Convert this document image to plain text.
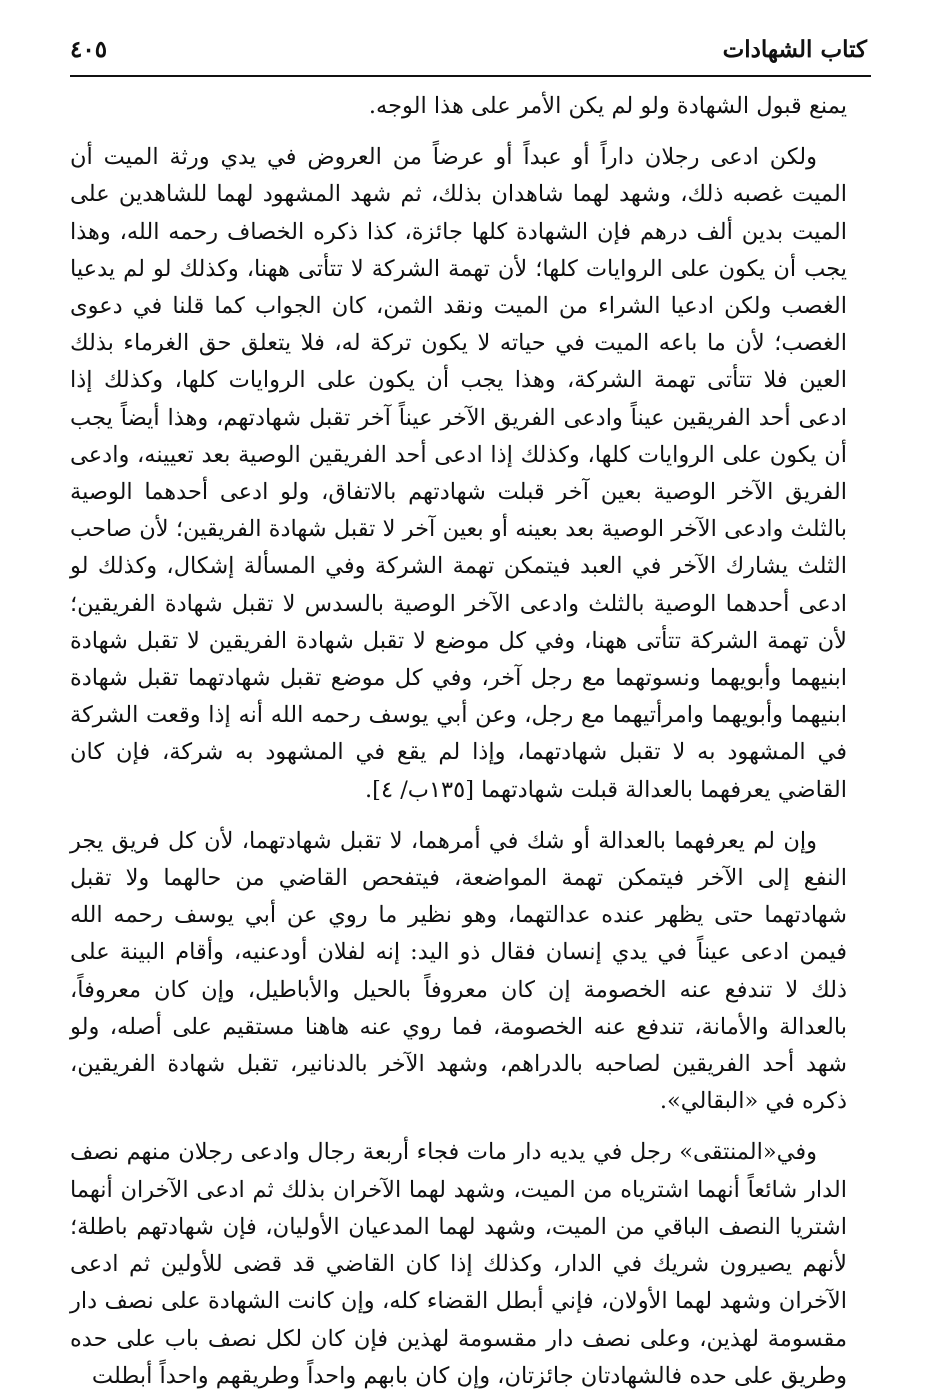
كتاب الشهادات
٤٠٥

يمنع قبول الشهادة ولو لم يكن الأمر على هذا الوجه.

ولكن ادعى رجلان داراً أو عبداً أو عرضاً من العروض في يدي ورثة الميت أن الميت غصبه ذلك، وشهد لهما شاهدان بذلك، ثم شهد المشهود لهما للشاهدين على الميت بدين ألف درهم فإن الشهادة كلها جائزة، كذا ذكره الخصاف رحمه الله، وهذا يجب أن يكون على الروايات كلها؛ لأن تهمة الشركة لا تتأتى ههنا، وكذلك لو لم يدعيا الغصب ولكن ادعيا الشراء من الميت ونقد الثمن، كان الجواب كما قلنا في دعوى الغصب؛ لأن ما باعه الميت في حياته لا يكون تركة له، فلا يتعلق حق الغرماء بذلك العين فلا تتأتى تهمة الشركة، وهذا يجب أن يكون على الروايات كلها، وكذلك إذا ادعى أحد الفريقين عيناً وادعى الفريق الآخر عيناً آخر تقبل شهادتهم، وهذا أيضاً يجب أن يكون على الروايات كلها، وكذلك إذا ادعى أحد الفريقين الوصية بعد تعيينه، وادعى الفريق الآخر الوصية بعين آخر قبلت شهادتهم بالاتفاق، ولو ادعى أحدهما الوصية بالثلث وادعى الآخر الوصية بعد بعينه أو بعين آخر لا تقبل شهادة الفريقين؛ لأن صاحب الثلث يشارك الآخر في العبد فيتمكن تهمة الشركة وفي المسألة إشكال، وكذلك لو ادعى أحدهما الوصية بالثلث وادعى الآخر الوصية بالسدس لا تقبل شهادة الفريقين؛ لأن تهمة الشركة تتأتى ههنا، وفي كل موضع لا تقبل شهادة الفريقين لا تقبل شهادة ابنيهما وأبويهما ونسوتهما مع رجل آخر، وفي كل موضع تقبل شهادتهما تقبل شهادة ابنيهما وأبويهما وامرأتيهما مع رجل، وعن أبي يوسف رحمه الله أنه إذا وقعت الشركة في المشهود به لا تقبل شهادتهما، وإذا لم يقع في المشهود به شركة، فإن كان القاضي يعرفهما بالعدالة قبلت شهادتهما [١٣٥ب/ ٤].

وإن لم يعرفهما بالعدالة أو شك في أمرهما، لا تقبل شهادتهما، لأن كل فريق يجر النفع إلى الآخر فيتمكن تهمة المواضعة، فيتفحص القاضي من حالهما ولا تقبل شهادتهما حتى يظهر عنده عدالتهما، وهو نظير ما روي عن أبي يوسف رحمه الله فيمن ادعى عيناً في يدي إنسان فقال ذو اليد: إنه لفلان أودعنيه، وأقام البينة على ذلك لا تندفع عنه الخصومة إن كان معروفاً بالحيل والأباطيل، وإن كان معروفاً، بالعدالة والأمانة، تندفع عنه الخصومة، فما روي عنه هاهنا مستقيم على أصله، ولو شهد أحد الفريقين لصاحبه بالدراهم، وشهد الآخر بالدنانير، تقبل شهادة الفريقين، ذكره في «البقالي».

وفي«المنتقى» رجل في يديه دار مات فجاء أربعة رجال وادعى رجلان منهم نصف الدار شائعاً أنهما اشترياه من الميت، وشهد لهما الآخران بذلك ثم ادعى الآخران أنهما اشتريا النصف الباقي من الميت، وشهد لهما المدعيان الأوليان، فإن شهادتهم باطلة؛ لأنهم يصيرون شريك في الدار، وكذلك إذا كان القاضي قد قضى للأولين ثم ادعى الآخران وشهد لهما الأولان، فإني أبطل القضاء كله، وإن كانت الشهادة على نصف دار مقسومة لهذين، وعلى نصف دار مقسومة لهذين فإن كان لكل نصف باب على حده وطريق على حده فالشهادتان جائزتان، وإن كان بابهم واحداً وطريقهم واحداً أبطلت
